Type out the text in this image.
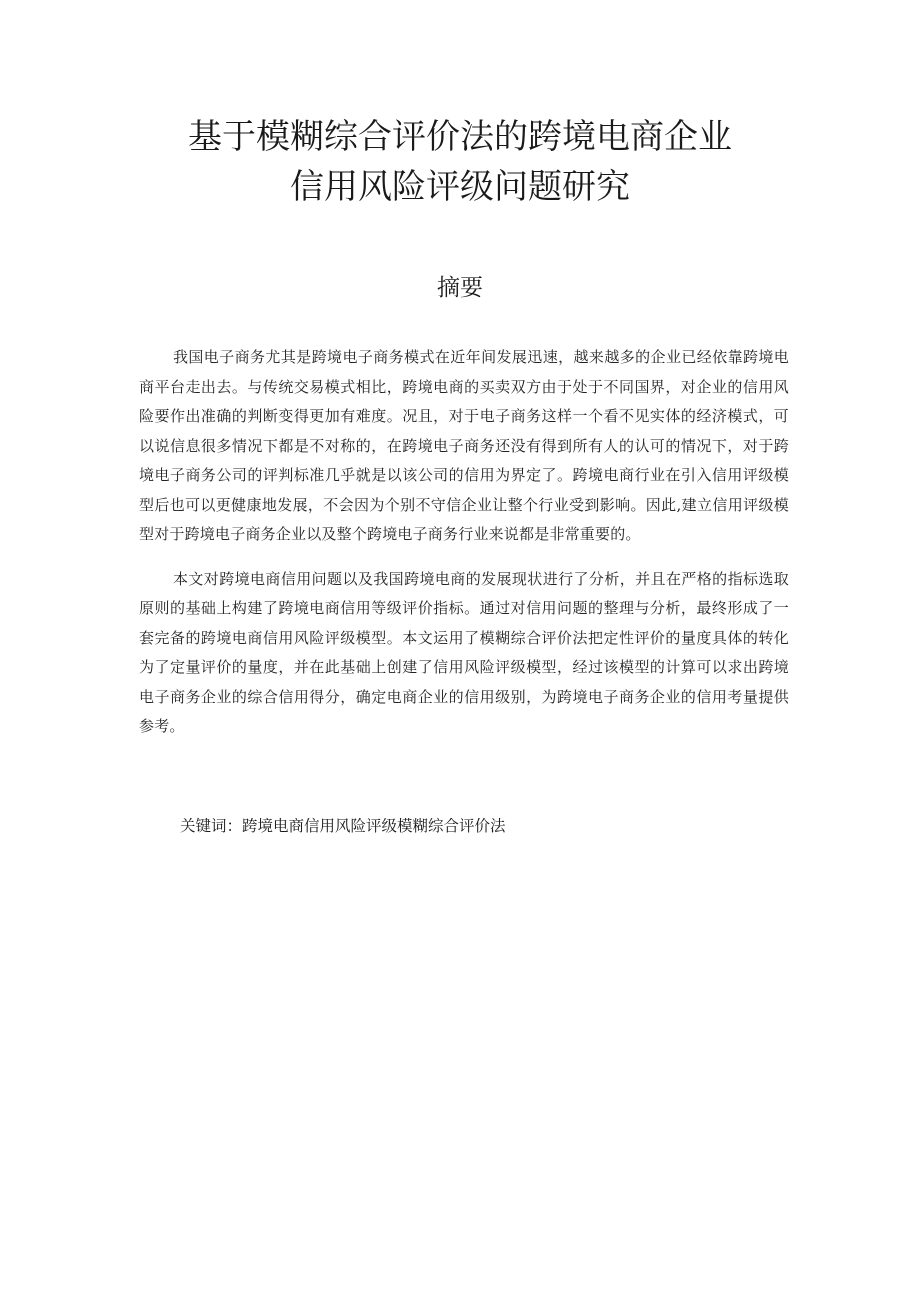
基于模糊综合评价法的跨境电商企业
信用风险评级问题研究
摘要

我国电子商务尤其是跨境电子商务模式在近年间发展迅速，越来越多的企业已经依靠跨境电商平台走出去。与传统交易模式相比，跨境电商的买卖双方由于处于不同国界，对企业的信用风险要作出准确的判断变得更加有难度。况且，对于电子商务这样一个看不见实体的经济模式，可以说信息很多情况下都是不对称的，在跨境电子商务还没有得到所有人的认可的情况下，对于跨境电子商务公司的评判标准几乎就是以该公司的信用为界定了。跨境电商行业在引入信用评级模型后也可以更健康地发展，不会因为个别不守信企业让整个行业受到影响。因此,建立信用评级模型对于跨境电子商务企业以及整个跨境电子商务行业来说都是非常重要的。

本文对跨境电商信用问题以及我国跨境电商的发展现状进行了分析，并且在严格的指标选取原则的基础上构建了跨境电商信用等级评价指标。通过对信用问题的整理与分析，最终形成了一套完备的跨境电商信用风险评级模型。本文运用了模糊综合评价法把定性评价的量度具体的转化为了定量评价的量度，并在此基础上创建了信用风险评级模型，经过该模型的计算可以求出跨境电子商务企业的综合信用得分，确定电商企业的信用级别，为跨境电子商务企业的信用考量提供参考。

关键词：跨境电商信用风险评级模糊综合评价法
